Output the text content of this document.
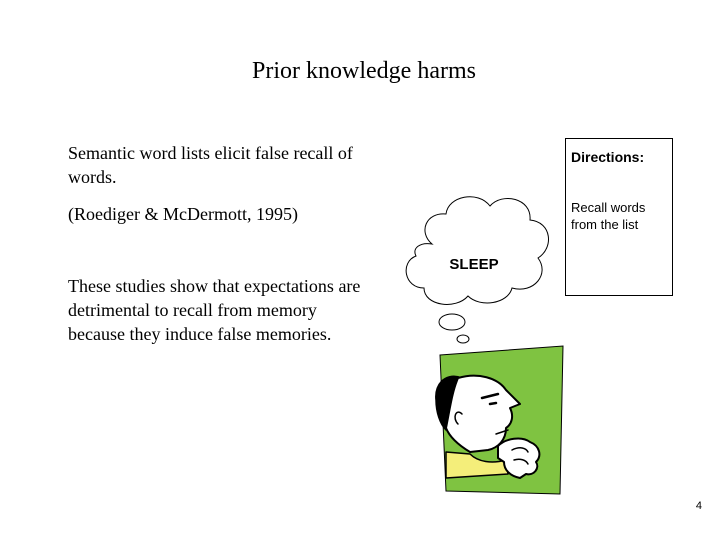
Prior knowledge harms
Semantic word lists elicit false recall of words.
(Roediger & McDermott, 1995)
These studies show that expectations are detrimental to recall from memory because they induce false memories.
Directions:
Recall words from the list
SLEEP
4
